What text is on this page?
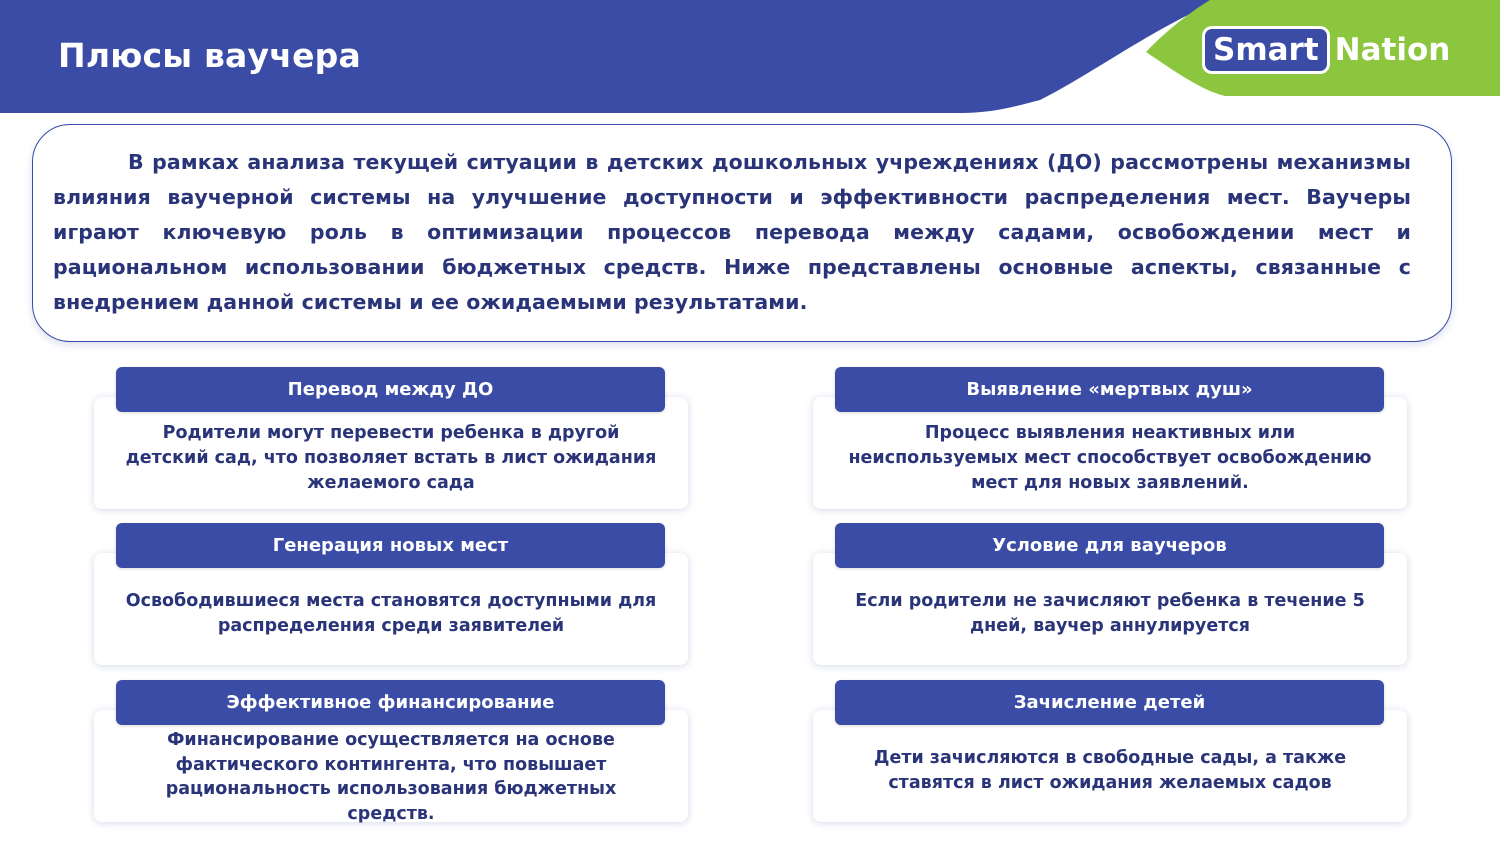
Плюсы ваучера	Smart Nation

В рамках анализа текущей ситуации в детских дошкольных учреждениях (ДО) рассмотрены механизмы влияния ваучерной системы на улучшение доступности и эффективности распределения мест. Ваучеры играют ключевую роль в оптимизации процессов перевода между садами, освобождении мест и рациональном использовании бюджетных средств. Ниже представлены основные аспекты, связанные с внедрением данной системы и ее ожидаемыми результатами.

Родители могут перевести ребенка в другой детский сад, что позволяет встать в лист ожидания желаемого сада
Перевод между ДО
Процесс выявления неактивных или неиспользуемых мест способствует освобождению мест для новых заявлений.
Выявление «мертвых душ»
Освободившиеся места становятся доступными для распределения среди заявителей
Генерация новых мест
Если родители не зачисляют ребенка в течение 5 дней, ваучер аннулируется
Условие для ваучеров
Финансирование осуществляется на основе фактического контингента, что повышает рациональность использования бюджетных средств.
Эффективное финансирование
Дети зачисляются в свободные сады, а также ставятся в лист ожидания желаемых садов
Зачисление детей
